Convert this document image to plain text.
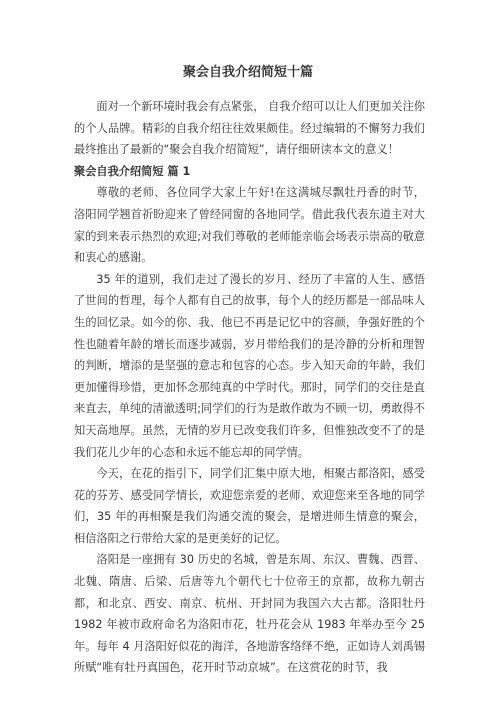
聚会自我介绍简短十篇

面对一个新环境时我会有点紧张， 自我介绍可以让人们更加关注你的个人品牌。精彩的自我介绍往往效果颇佳。经过编辑的不懈努力我们最终推出了最新的“聚会自我介绍简短”，请仔细研读本文的意义！

聚会自我介绍简短 篇 1

尊敬的老师、各位同学大家上午好!在这满城尽飘牡丹香的时节，洛阳同学翘首祈盼迎来了曾经同窗的各地同学。借此我代表东道主对大家的到来表示热烈的欢迎;对我们尊敬的老师能亲临会场表示崇高的敬意和衷心的感谢。

35 年的道别，我们走过了漫长的岁月、经历了丰富的人生、感悟了世间的哲理，每个人都有自己的故事，每个人的经历都是一部品味人生的回忆录。如今的你、我、他已不再是记忆中的容颜，争强好胜的个性也随着年龄的增长而逐步减弱，岁月带给我们的是冷静的分析和理智的判断，增添的是坚强的意志和包容的心态。步入知天命的年龄，我们更加懂得珍惜，更加怀念那纯真的中学时代。那时，同学们的交往是直来直去，单纯的清澈透明;同学们的行为是敢作敢为不顾一切，勇敢得不知天高地厚。虽然，无情的岁月已改变我们许多，但惟独改变不了的是我们花儿少年的心态和永远不能忘却的同学情。

今天，在花的指引下，同学们汇集中原大地，相聚古都洛阳，感受花的芬芳、感受同学情长，欢迎您亲爱的老师、欢迎您来至各地的同学们，35 年的再相聚是我们沟通交流的聚会，是增进师生情意的聚会，相信洛阳之行带给大家的是更美好的记忆。

洛阳是一座拥有 30 历史的名城，曾是东周、东汉、曹魏、西晋、北魏、隋唐、后梁、后唐等九个朝代七十位帝王的京都，故称九朝古都，和北京、西安、南京、杭州、开封同为我国六大古都。洛阳牡丹 1982 年被市政府命名为洛阳市花，牡丹花会从 1983 年举办至今 25 年。每年 4 月洛阳好似花的海洋，各地游客络绎不绝，正如诗人刘禹锡所赋“唯有牡丹真国色，花开时节动京城”。在这赏花的时节，我
